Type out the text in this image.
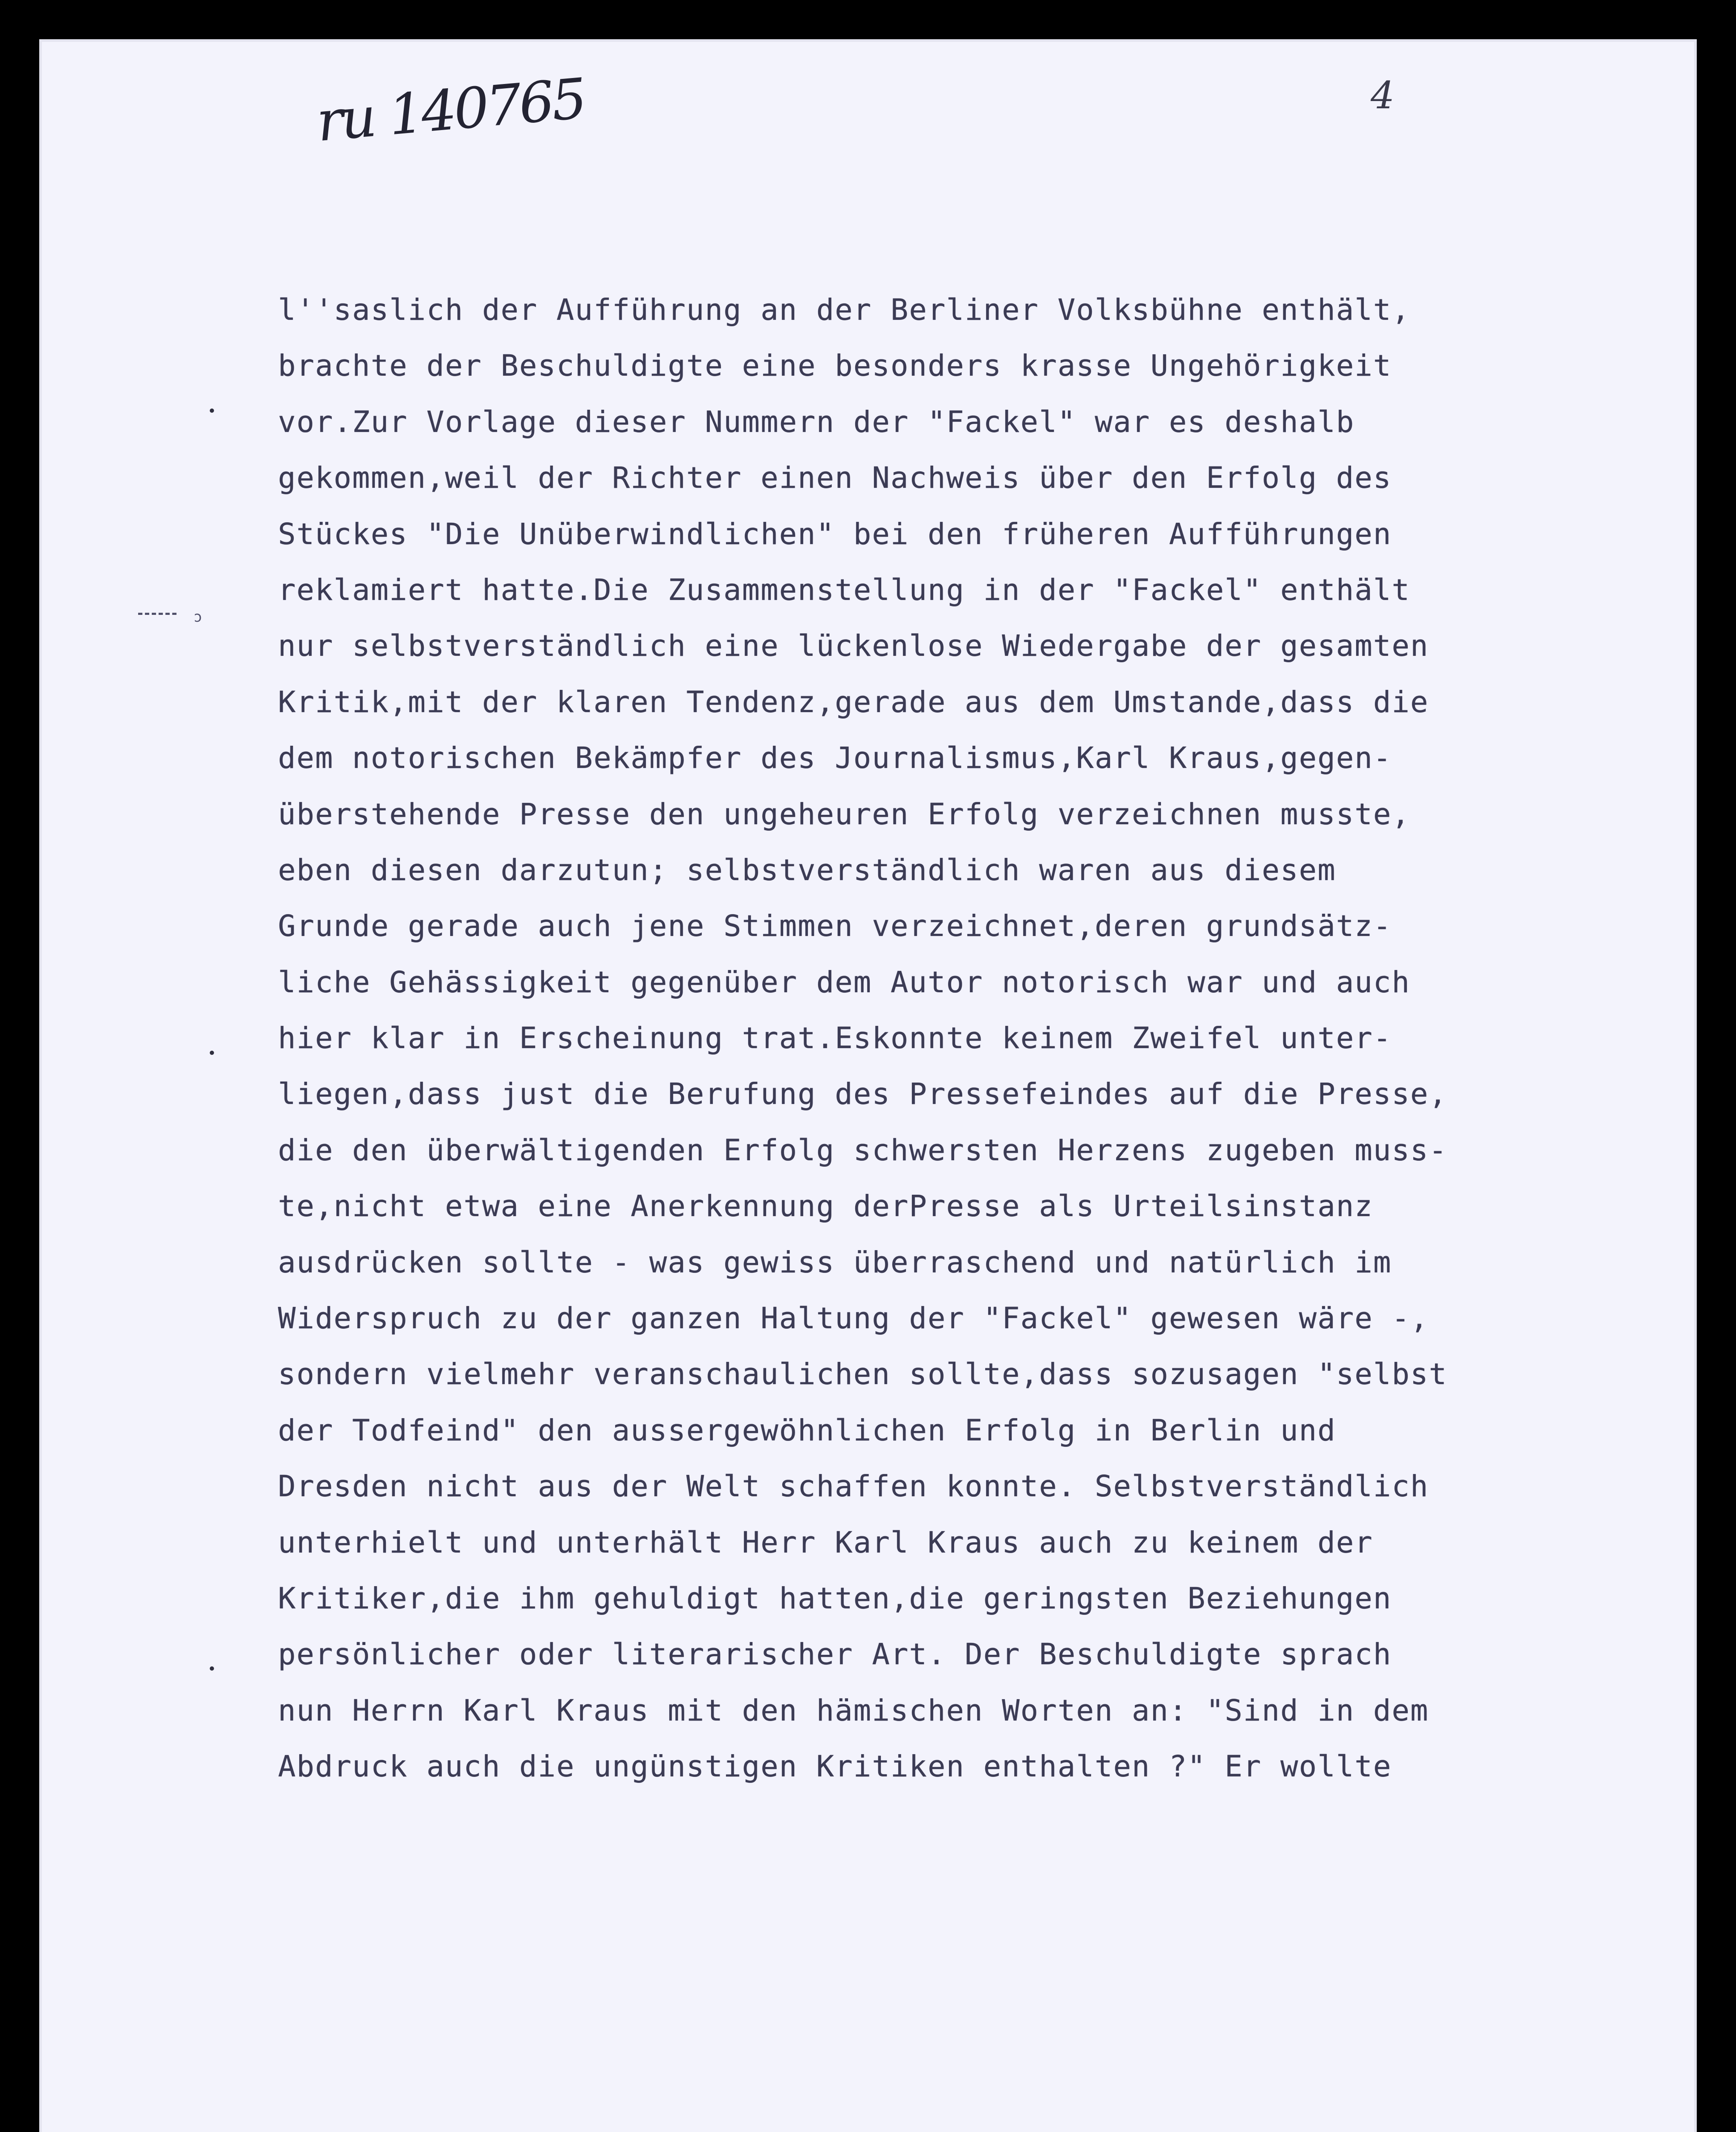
ru 140765	4
ɔ
l''saslich der Aufführung an der Berliner Volksbühne enthält,
brachte der Beschuldigte eine besonders krasse Ungehörigkeit
vor.Zur Vorlage dieser Nummern der "Fackel" war es deshalb
gekommen,weil der Richter einen Nachweis über den Erfolg des
Stückes "Die Unüberwindlichen" bei den früheren Aufführungen
reklamiert hatte.Die Zusammenstellung in der "Fackel" enthält
nur selbstverständlich eine lückenlose Wiedergabe der gesamten
Kritik,mit der klaren Tendenz,gerade aus dem Umstande,dass die
dem notorischen Bekämpfer des Journalismus,Karl Kraus,gegen-
überstehende Presse den ungeheuren Erfolg verzeichnen musste,
eben diesen darzutun; selbstverständlich waren aus diesem
Grunde gerade auch jene Stimmen verzeichnet,deren grundsätz-
liche Gehässigkeit gegenüber dem Autor notorisch war und auch
hier klar in Erscheinung trat.Eskonnte keinem Zweifel unter-
liegen,dass just die Berufung des Pressefeindes auf die Presse,
die den überwältigenden Erfolg schwersten Herzens zugeben muss-
te,nicht etwa eine Anerkennung derPresse als Urteilsinstanz
ausdrücken sollte - was gewiss überraschend und natürlich im
Widerspruch zu der ganzen Haltung der "Fackel" gewesen wäre -,
sondern vielmehr veranschaulichen sollte,dass sozusagen "selbst
der Todfeind" den aussergewöhnlichen Erfolg in Berlin und
Dresden nicht aus der Welt schaffen konnte. Selbstverständlich
unterhielt und unterhält Herr Karl Kraus auch zu keinem der
Kritiker,die ihm gehuldigt hatten,die geringsten Beziehungen
persönlicher oder literarischer Art. Der Beschuldigte sprach
nun Herrn Karl Kraus mit den hämischen Worten an: "Sind in dem
Abdruck auch die ungünstigen Kritiken enthalten ?" Er wollte
